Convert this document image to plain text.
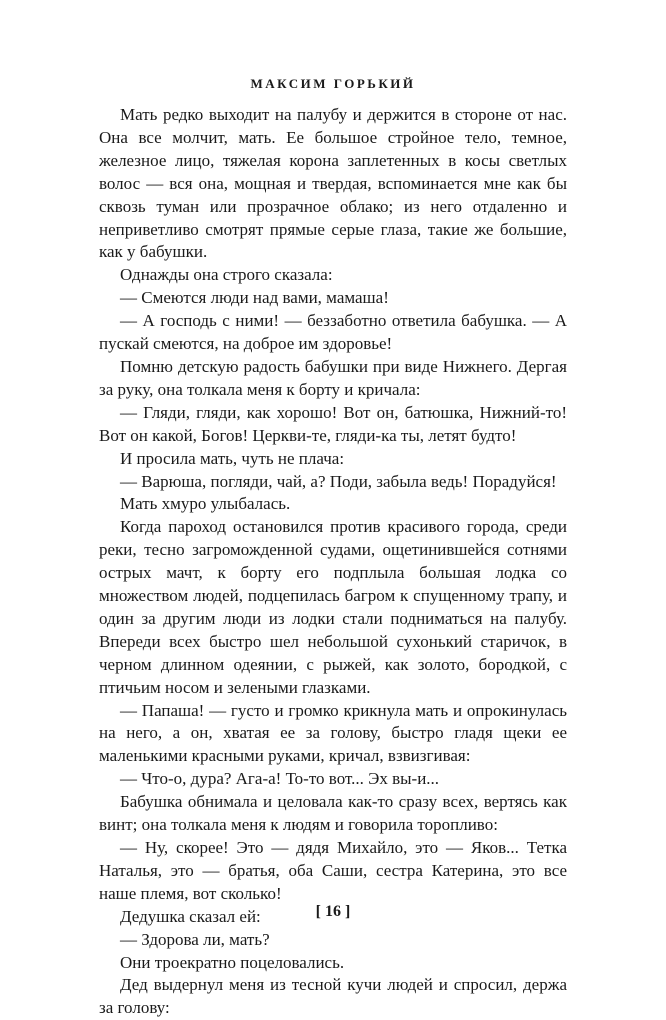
МАКСИМ ГОРЬКИЙ

Мать редко выходит на палубу и держится в стороне от нас. Она все молчит, мать. Ее большое стройное тело, темное, железное лицо, тяжелая корона заплетенных в косы светлых волос — вся она, мощная и твердая, вспоминается мне как бы сквозь туман или прозрачное облако; из него отдаленно и неприветливо смотрят прямые серые глаза, такие же большие, как у бабушки.

Однажды она строго сказала:

— Смеются люди над вами, мамаша!

— А господь с ними! — беззаботно ответила бабушка. — А пускай смеются, на доброе им здоровье!

Помню детскую радость бабушки при виде Нижнего. Дергая за руку, она толкала меня к борту и кричала:

— Гляди, гляди, как хорошо! Вот он, батюшка, Нижний-то! Вот он какой, Богов! Церкви-те, гляди-ка ты, летят будто!

И просила мать, чуть не плача:

— Варюша, погляди, чай, а? Поди, забыла ведь! Порадуйся!

Мать хмуро улыбалась.

Когда пароход остановился против красивого города, среди реки, тесно загроможденной судами, ощетинившейся сотнями острых мачт, к борту его подплыла большая лодка со множеством людей, подцепилась багром к спущенному трапу, и один за другим люди из лодки стали подниматься на палубу. Впереди всех быстро шел небольшой сухонький старичок, в черном длинном одеянии, с рыжей, как золото, бородкой, с птичьим носом и зелеными глазками.

— Папаша! — густо и громко крикнула мать и опрокинулась на него, а он, хватая ее за голову, быстро гладя щеки ее маленькими красными руками, кричал, взвизгивая:

— Что-о, дура? Ага-а! То-то вот... Эх вы-и...

Бабушка обнимала и целовала как-то сразу всех, вертясь как винт; она толкала меня к людям и говорила торопливо:

— Ну, скорее! Это — дядя Михайло, это — Яков... Тетка Наталья, это — братья, оба Саши, сестра Катерина, это все наше племя, вот сколько!

Дедушка сказал ей:

— Здорова ли, мать?

Они троекратно поцеловались.

Дед выдернул меня из тесной кучи людей и спросил, держа за голову:

[ 16 ]
